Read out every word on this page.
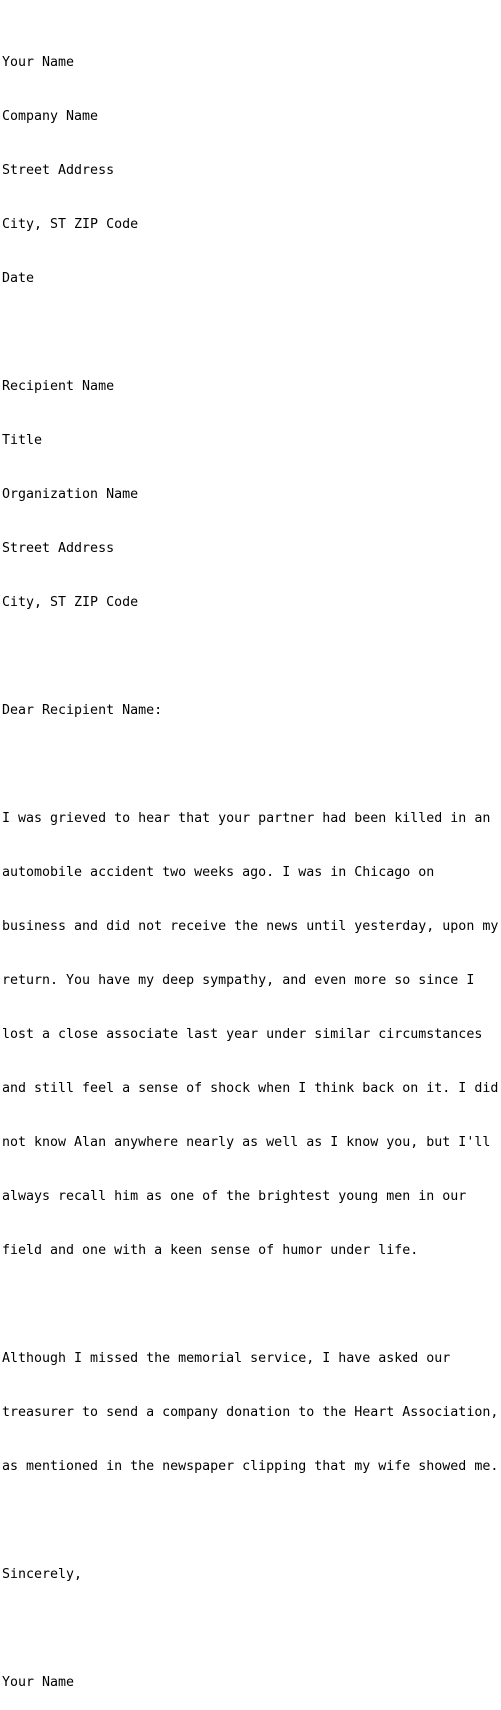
Your Name

Company Name

Street Address

City, ST ZIP Code

Date

Recipient Name

Title

Organization Name

Street Address

City, ST ZIP Code

Dear Recipient Name:

I was grieved to hear that your partner had been killed in an

automobile accident two weeks ago. I was in Chicago on

business and did not receive the news until yesterday, upon my

return. You have my deep sympathy, and even more so since I

lost a close associate last year under similar circumstances

and still feel a sense of shock when I think back on it. I did

not know Alan anywhere nearly as well as I know you, but I'll

always recall him as one of the brightest young men in our

field and one with a keen sense of humor under life.

Although I missed the memorial service, I have asked our

treasurer to send a company donation to the Heart Association,

as mentioned in the newspaper clipping that my wife showed me.

Sincerely,

Your Name
